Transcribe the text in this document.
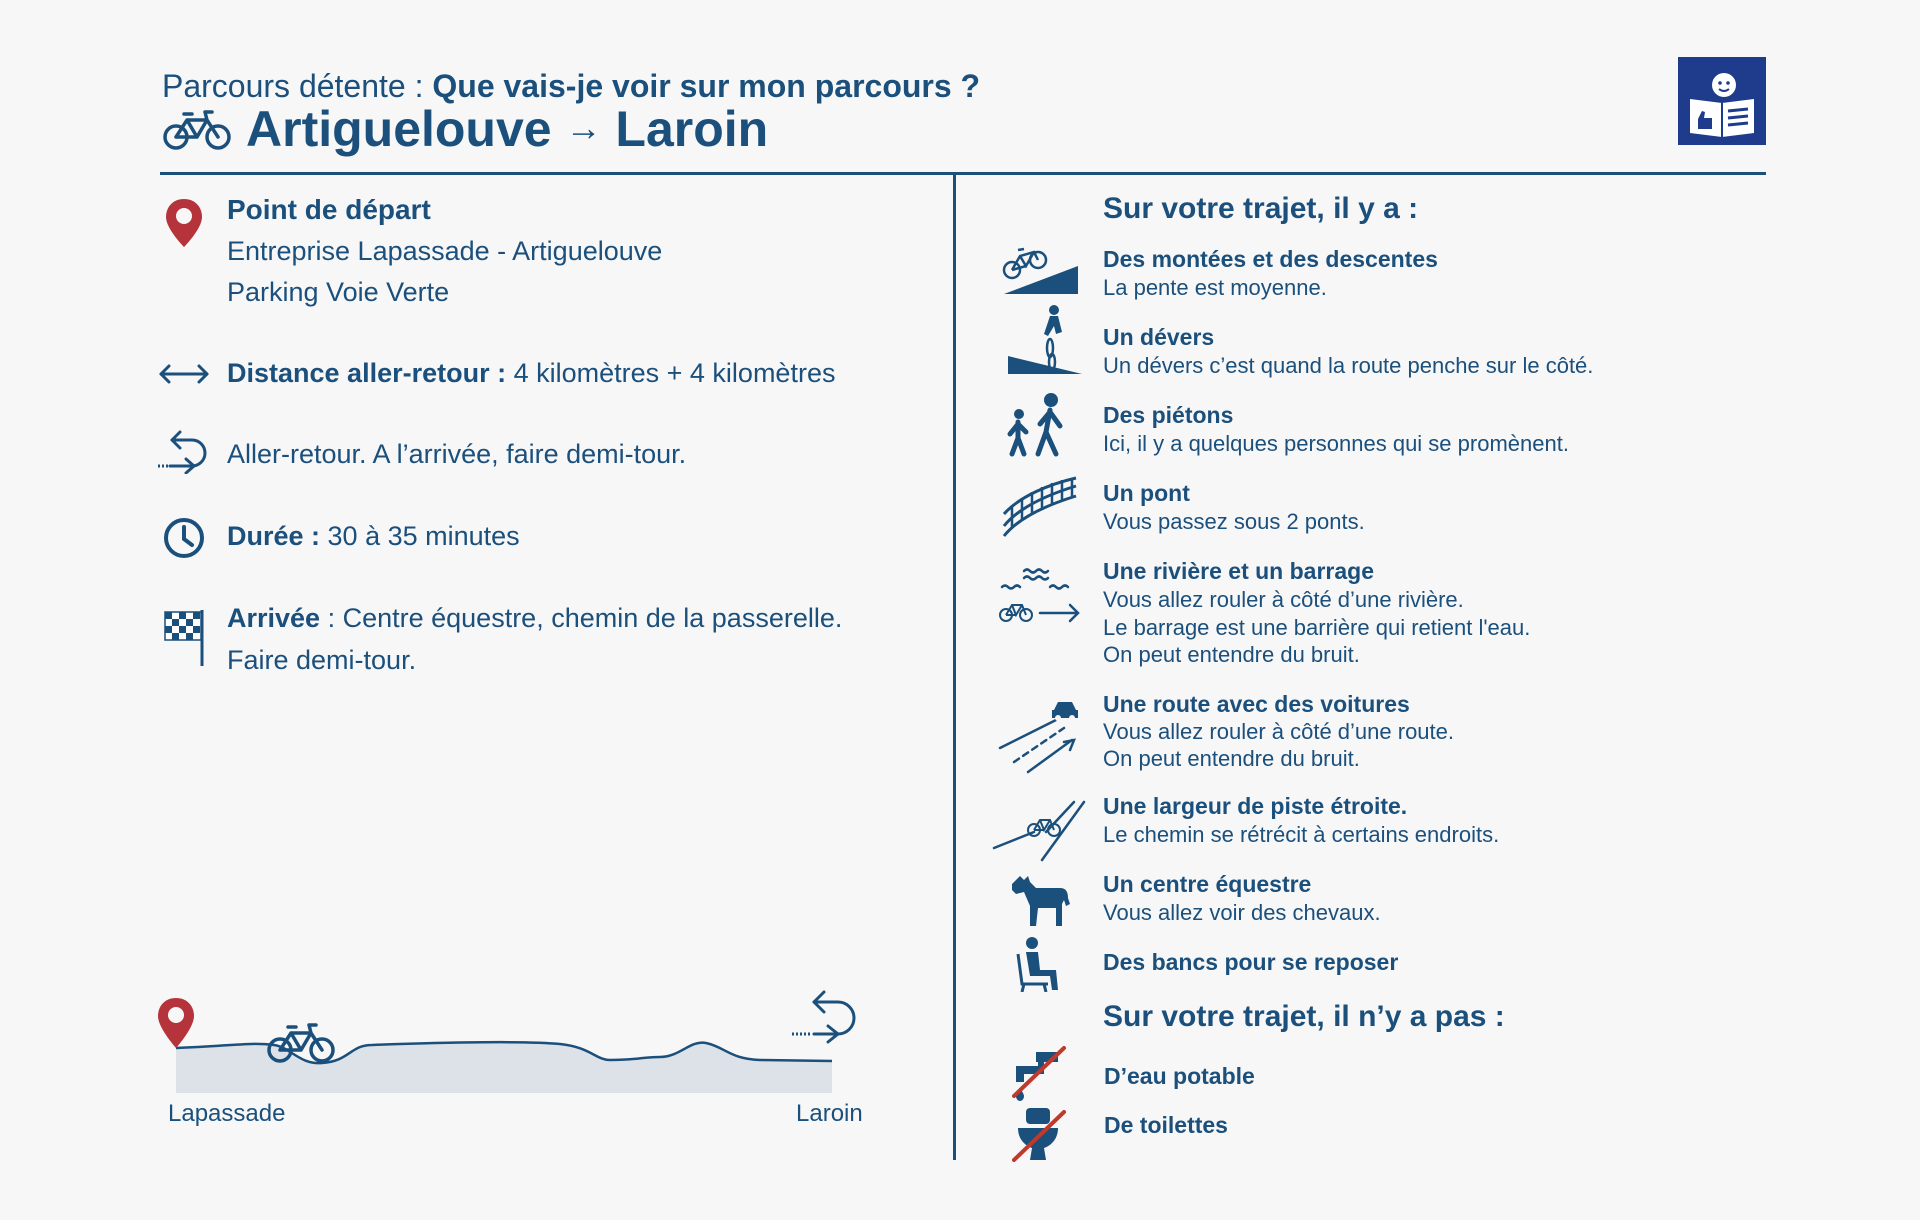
Parcours détente : Que vais-je voir sur mon parcours ?
Artiguelouve → Laroin
Point de départ
Entreprise Lapassade - Artiguelouve
Parking Voie Verte
Distance aller-retour : 4 kilomètres + 4 kilomètres
Aller-retour. A l’arrivée, faire demi-tour.
Durée : 30 à 35 minutes
Arrivée : Centre équestre, chemin de la passerelle.
Faire demi-tour.
Lapassade	Laroin
Sur votre trajet, il y a :
Des montées et des descentes
La pente est moyenne.
Un dévers
Un dévers c’est quand la route penche sur le côté.
Des piétons
Ici, il y a quelques personnes qui se promènent.
Un pont
Vous passez sous 2 ponts.
Une rivière et un barrage
Vous allez rouler à côté d’une rivière.
Le barrage est une barrière qui retient l'eau.
On peut entendre du bruit.
Une route avec des voitures
Vous allez rouler à côté d’une route.
On peut entendre du bruit.
Une largeur de piste étroite.
Le chemin se rétrécit à certains endroits.
Un centre équestre
Vous allez voir des chevaux.
Des bancs pour se reposer
Sur votre trajet, il n’y a pas :
D’eau potable
De toilettes
